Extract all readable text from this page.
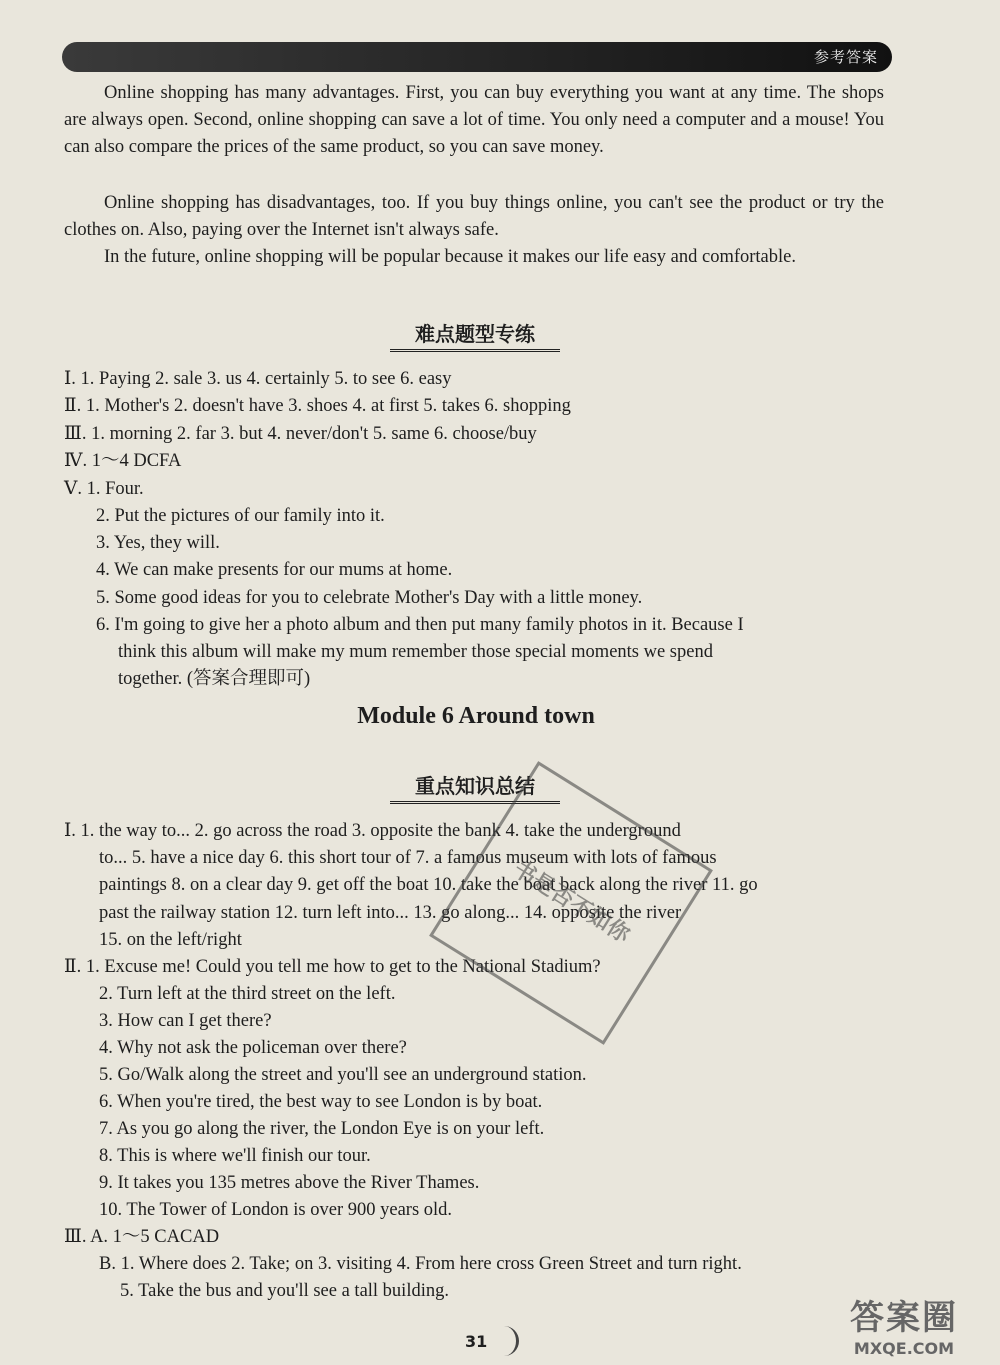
参考答案
Online shopping has many advantages. First, you can buy everything you want at any time. The shops are always open. Second, online shopping can save a lot of time. You only need a computer and a mouse! You can also compare the prices of the same product, so you can save money.
Online shopping has disadvantages, too. If you buy things online, you can't see the product or try the clothes on. Also, paying over the Internet isn't always safe.
In the future, online shopping will be popular because it makes our life easy and comfortable.
难点题型专练
Ⅰ. 1. Paying 2. sale 3. us 4. certainly 5. to see 6. easy
Ⅱ. 1. Mother's 2. doesn't have 3. shoes 4. at first 5. takes 6. shopping
Ⅲ. 1. morning 2. far 3. but 4. never/don't 5. same 6. choose/buy
Ⅳ. 1～4 DCFA
Ⅴ. 1. Four.
2. Put the pictures of our family into it.
3. Yes, they will.
4. We can make presents for our mums at home.
5. Some good ideas for you to celebrate Mother's Day with a little money.
6. I'm going to give her a photo album and then put many family photos in it. Because I
think this album will make my mum remember those special moments we spend
together. (答案合理即可)
Module 6 Around town
重点知识总结
Ⅰ. 1. the way to... 2. go across the road 3. opposite the bank 4. take the underground
to... 5. have a nice day 6. this short tour of 7. a famous museum with lots of famous
paintings 8. on a clear day 9. get off the boat 10. take the boat back along the river 11. go
past the railway station 12. turn left into... 13. go along... 14. opposite the river
15. on the left/right
Ⅱ. 1. Excuse me! Could you tell me how to get to the National Stadium?
2. Turn left at the third street on the left.
3. How can I get there?
4. Why not ask the policeman over there?
5. Go/Walk along the street and you'll see an underground station.
6. When you're tired, the best way to see London is by boat.
7. As you go along the river, the London Eye is on your left.
8. This is where we'll finish our tour.
9. It takes you 135 metres above the River Thames.
10. The Tower of London is over 900 years old.
Ⅲ. A. 1～5 CACAD
B. 1. Where does 2. Take; on 3. visiting 4. From here cross Green Street and turn right.
5. Take the bus and you'll see a tall building.
书是否不如你
31
答案圈
MXQE.COM
